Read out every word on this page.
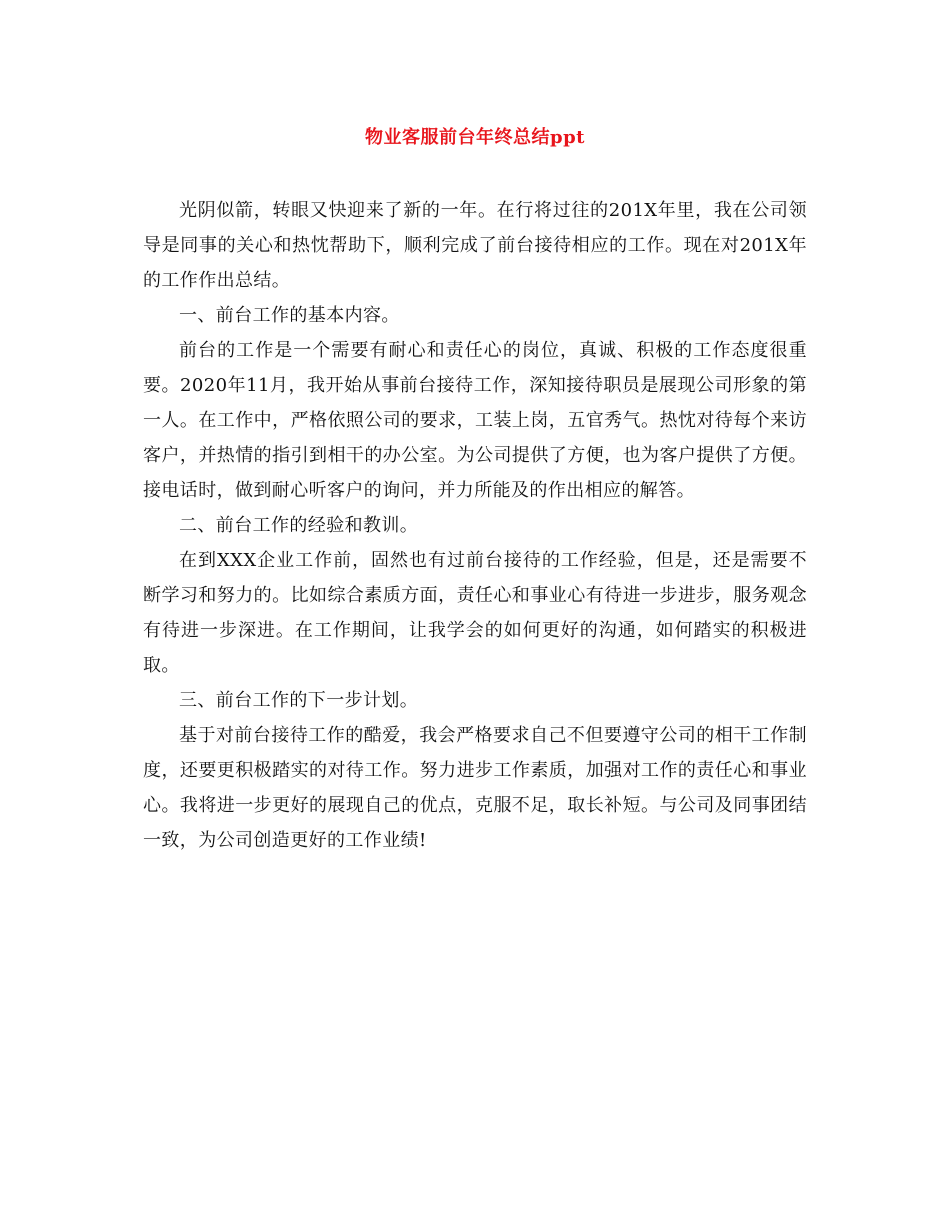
物业客服前台年终总结ppt

光阴似箭，转眼又快迎来了新的一年。在行将过往的201X年里，我在公司领导是同事的关心和热忱帮助下，顺利完成了前台接待相应的工作。现在对201X年的工作作出总结。

一、前台工作的基本内容。

前台的工作是一个需要有耐心和责任心的岗位，真诚、积极的工作态度很重要。2020年11月，我开始从事前台接待工作，深知接待职员是展现公司形象的第一人。在工作中，严格依照公司的要求，工装上岗，五官秀气。热忱对待每个来访客户，并热情的指引到相干的办公室。为公司提供了方便，也为客户提供了方便。接电话时，做到耐心听客户的询问，并力所能及的作出相应的解答。

二、前台工作的经验和教训。

在到XXX企业工作前，固然也有过前台接待的工作经验，但是，还是需要不断学习和努力的。比如综合素质方面，责任心和事业心有待进一步进步，服务观念有待进一步深进。在工作期间，让我学会的如何更好的沟通，如何踏实的积极进取。

三、前台工作的下一步计划。

基于对前台接待工作的酷爱，我会严格要求自己不但要遵守公司的相干工作制度，还要更积极踏实的对待工作。努力进步工作素质，加强对工作的责任心和事业心。我将进一步更好的展现自己的优点，克服不足，取长补短。与公司及同事团结一致，为公司创造更好的工作业绩!
